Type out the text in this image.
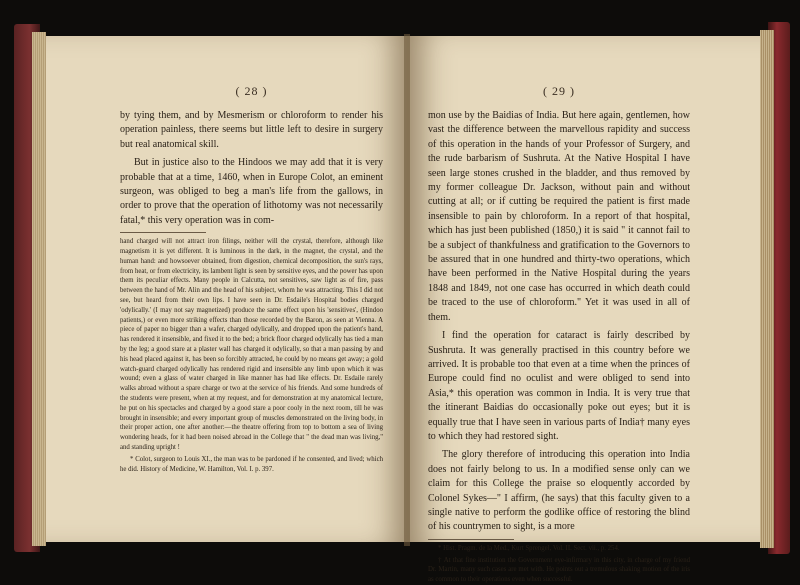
( 28 )

by tying them, and by Mesmerism or chloroform to render his operation painless, there seems but little left to desire in surgery but real anatomical skill.

But in justice also to the Hindoos we may add that it is very probable that at a time, 1460, when in Europe Colot, an eminent surgeon, was obliged to beg a man's life from the gallows, in order to prove that the operation of lithotomy was not necessarily fatal,* this very operation was in com-

hand charged will not attract iron filings, neither will the crystal, therefore, although like magnetism it is yet different. It is luminous in the dark, in the magnet, the crystal, and the human hand: and howsoever obtained, from digestion, chemical decomposition, the sun's rays, from heat, or from electricity, its lambent light is seen by sensitive eyes, and the power has upon them its peculiar effects. Many people in Calcutta, not sensitives, saw light as of fire, pass between the hand of Mr. Alin and the head of his subject, whom he was attracting. This I did not see, but heard from their own lips. I have seen in Dr. Esdaile's Hospital bodies charged 'odylically.' (I may not say magnetized) produce the same effect upon his 'sensitives', (Hindoo patients,) or even more striking effects than those recorded by the Baron, as seen at Vienna. A piece of paper no bigger than a wafer, charged odylically, and dropped upon the patient's hand, has rendered it insensible, and fixed it to the bed; a brick floor charged odylically has tied a man by the leg; a good stare at a plaster wall has charged it odylically, so that a man passing by and his head placed against it, has been so forcibly attracted, he could by no means get away; a gold watch-guard charged odylically has rendered rigid and insensible any limb upon which it was wound; even a glass of water charged in like manner has had like effects. Dr. Esdaile rarely walks abroad without a spare charge or two at the service of his friends. And some hundreds of the students were present, when at my request, and for demonstration at my anatomical lecture, he put on his spectacles and charged by a good stare a poor cooly in the next room, till he was brought in insensible; and every important group of muscles demonstrated on the living body, in their proper action, one after another:—the theatre offering from top to bottom a sea of living wondering heads, for it had been noised abroad in the College that " the dead man was living," and standing upright !

* Colot, surgeon to Louis XI., the man was to be pardoned if he consented, and lived; which he did. History of Medicine, W. Hamilton, Vol. I. p. 397.

( 29 )

mon use by the Baidias of India. But here again, gentlemen, how vast the difference between the marvellous rapidity and success of this operation in the hands of your Professor of Surgery, and the rude barbarism of Sushruta. At the Native Hospital I have seen large stones crushed in the bladder, and thus removed by my former colleague Dr. Jackson, without pain and without cutting at all; or if cutting be required the patient is first made insensible to pain by chloroform. In a report of that hospital, which has just been published (1850,) it is said " it cannot fail to be a subject of thankfulness and gratification to the Governors to be assured that in one hundred and thirty-two operations, which have been performed in the Native Hospital during the years 1848 and 1849, not one case has occurred in which death could be traced to the use of chloroform." Yet it was used in all of them.

I find the operation for cataract is fairly described by Sushruta. It was generally practised in this country before we arrived. It is probable too that even at a time when the princes of Europe could find no oculist and were obliged to send into Asia,* this operation was common in India. It is very true that the itinerant Baidias do occasionally poke out eyes; but it is equally true that I have seen in various parts of India† many eyes to which they had restored sight.

The glory therefore of introducing this operation into India does not fairly belong to us. In a modified sense only can we claim for this College the praise so eloquently accorded by Colonel Sykes—" I affirm, (he says) that this faculty given to a single native to perform the godlike office of restoring the blind of his countrymen to sight, is a more

* Hist. Pragm. de la Med., Kurt Sprengel, Vol. II. Sect. vii., p. 254.

† At that fine institution the Government eye-infirmary in this city, in charge of my friend Dr. Martin, many such cases are met with. He points out a tremulous shaking motion of the iris as common to their operations even when successful.
